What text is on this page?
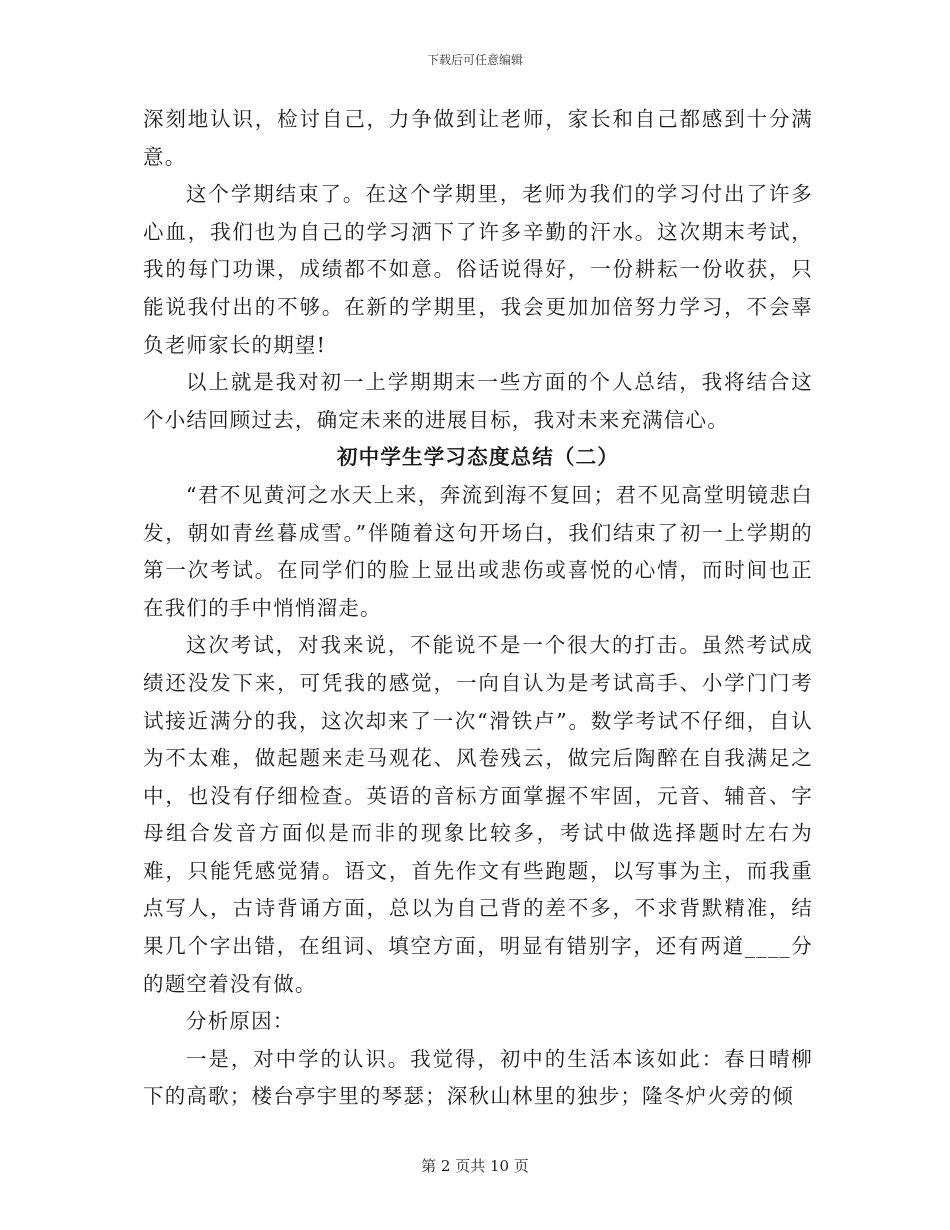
下载后可任意编辑

深刻地认识，检讨自己，力争做到让老师，家长和自己都感到十分满意。

这个学期结束了。在这个学期里，老师为我们的学习付出了许多心血，我们也为自己的学习洒下了许多辛勤的汗水。这次期末考试，我的每门功课，成绩都不如意。俗话说得好，一份耕耘一份收获，只能说我付出的不够。在新的学期里，我会更加加倍努力学习，不会辜负老师家长的期望!

以上就是我对初一上学期期末一些方面的个人总结，我将结合这个小结回顾过去，确定未来的进展目标，我对未来充满信心。

初中学生学习态度总结（二）

“君不见黄河之水天上来，奔流到海不复回；君不见高堂明镜悲白发，朝如青丝暮成雪。”伴随着这句开场白，我们结束了初一上学期的第一次考试。在同学们的脸上显出或悲伤或喜悦的心情，而时间也正在我们的手中悄悄溜走。

这次考试，对我来说，不能说不是一个很大的打击。虽然考试成绩还没发下来，可凭我的感觉，一向自认为是考试高手、小学门门考试接近满分的我，这次却来了一次“滑铁卢”。数学考试不仔细，自认为不太难，做起题来走马观花、风卷残云，做完后陶醉在自我满足之中，也没有仔细检查。英语的音标方面掌握不牢固，元音、辅音、字母组合发音方面似是而非的现象比较多，考试中做选择题时左右为难，只能凭感觉猜。语文，首先作文有些跑题，以写事为主，而我重点写人，古诗背诵方面，总以为自己背的差不多，不求背默精准，结果几个字出错，在组词、填空方面，明显有错别字，还有两道____分的题空着没有做。

分析原因：

一是，对中学的认识。我觉得，初中的生活本该如此：春日晴柳下的高歌；楼台亭宇里的琴瑟；深秋山林里的独步；隆冬炉火旁的倾

第 2 页共 10 页
